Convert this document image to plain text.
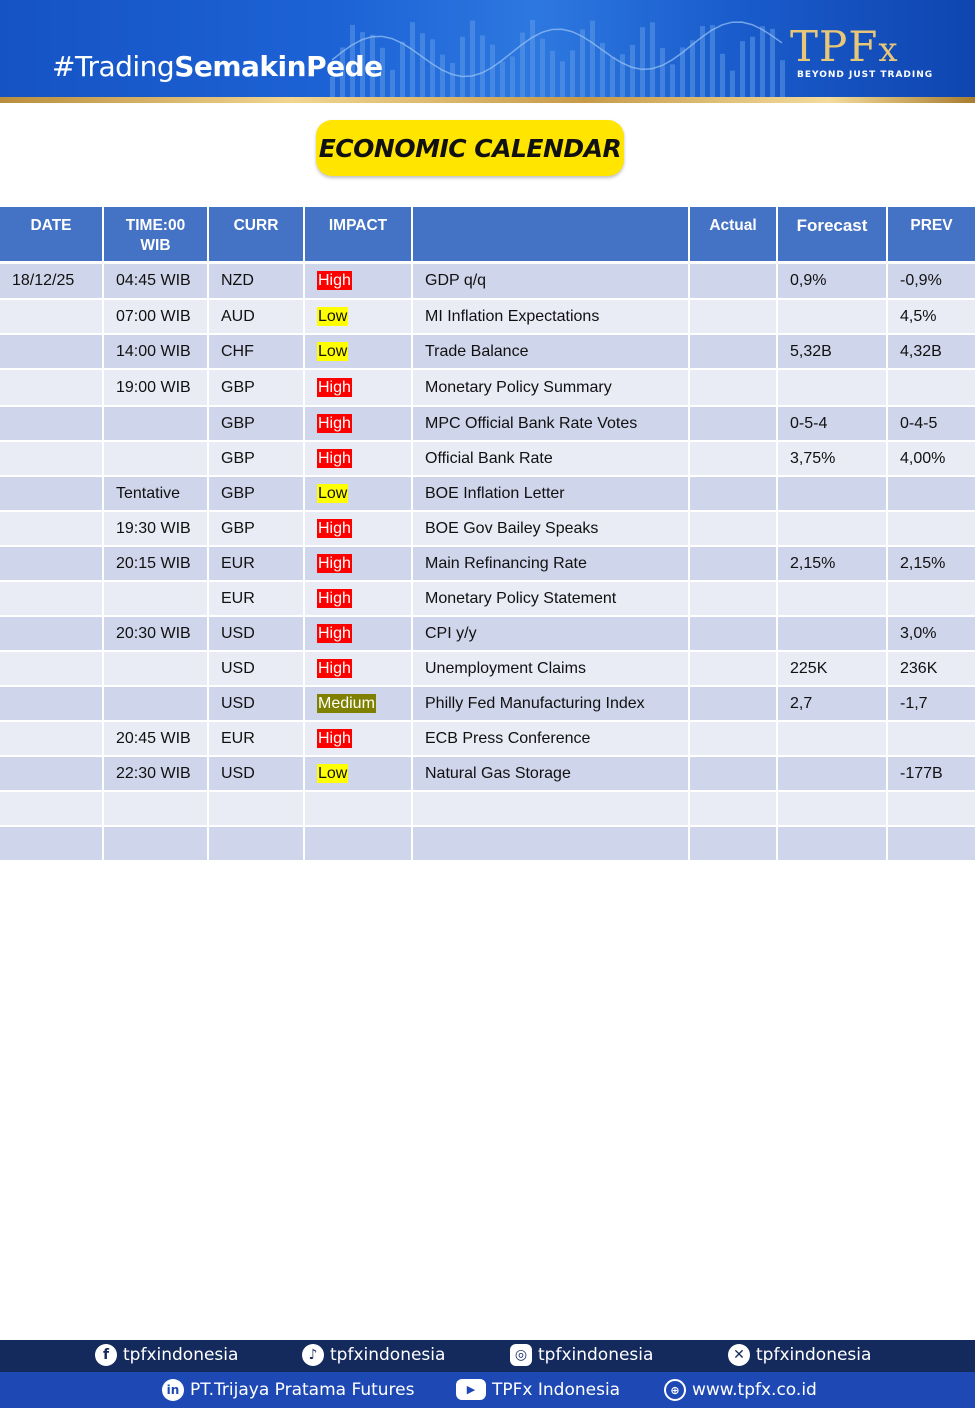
#TradingSemakinPede	TPFx
BEYOND JUST TRADING
ECONOMIC CALENDAR
DATE	TIME:00
WIB	CURR	IMPACT		Actual	Forecast	PREV

18/12/25	04:45 WIB	NZD	High	GDP q/q		0,9%	-0,9%
	07:00 WIB	AUD	Low	MI Inflation Expectations			4,5%
	14:00 WIB	CHF	Low	Trade Balance		5,32B	4,32B
	19:00 WIB	GBP	High	Monetary Policy Summary			
		GBP	High	MPC Official Bank Rate Votes		0-5-4	0-4-5
		GBP	High	Official Bank Rate		3,75%	4,00%
	Tentative	GBP	Low	BOE Inflation Letter			
	19:30 WIB	GBP	High	BOE Gov Bailey Speaks			
	20:15 WIB	EUR	High	Main Refinancing Rate		2,15%	2,15%
		EUR	High	Monetary Policy Statement			
	20:30 WIB	USD	High	CPI y/y			3,0%
		USD	High	Unemployment Claims		225K	236K
		USD	Medium	Philly Fed Manufacturing Index		2,7	-1,7
	20:45 WIB	EUR	High	ECB Press Conference			
	22:30 WIB	USD	Low	Natural Gas Storage			-177B

f tpfxindonesia	♪ tpfxindonesia	◎ tpfxindonesia	✕ tpfxindonesia
in PT.Trijaya Pratama Futures	▶ TPFx Indonesia	⊕ www.tpfx.co.id
